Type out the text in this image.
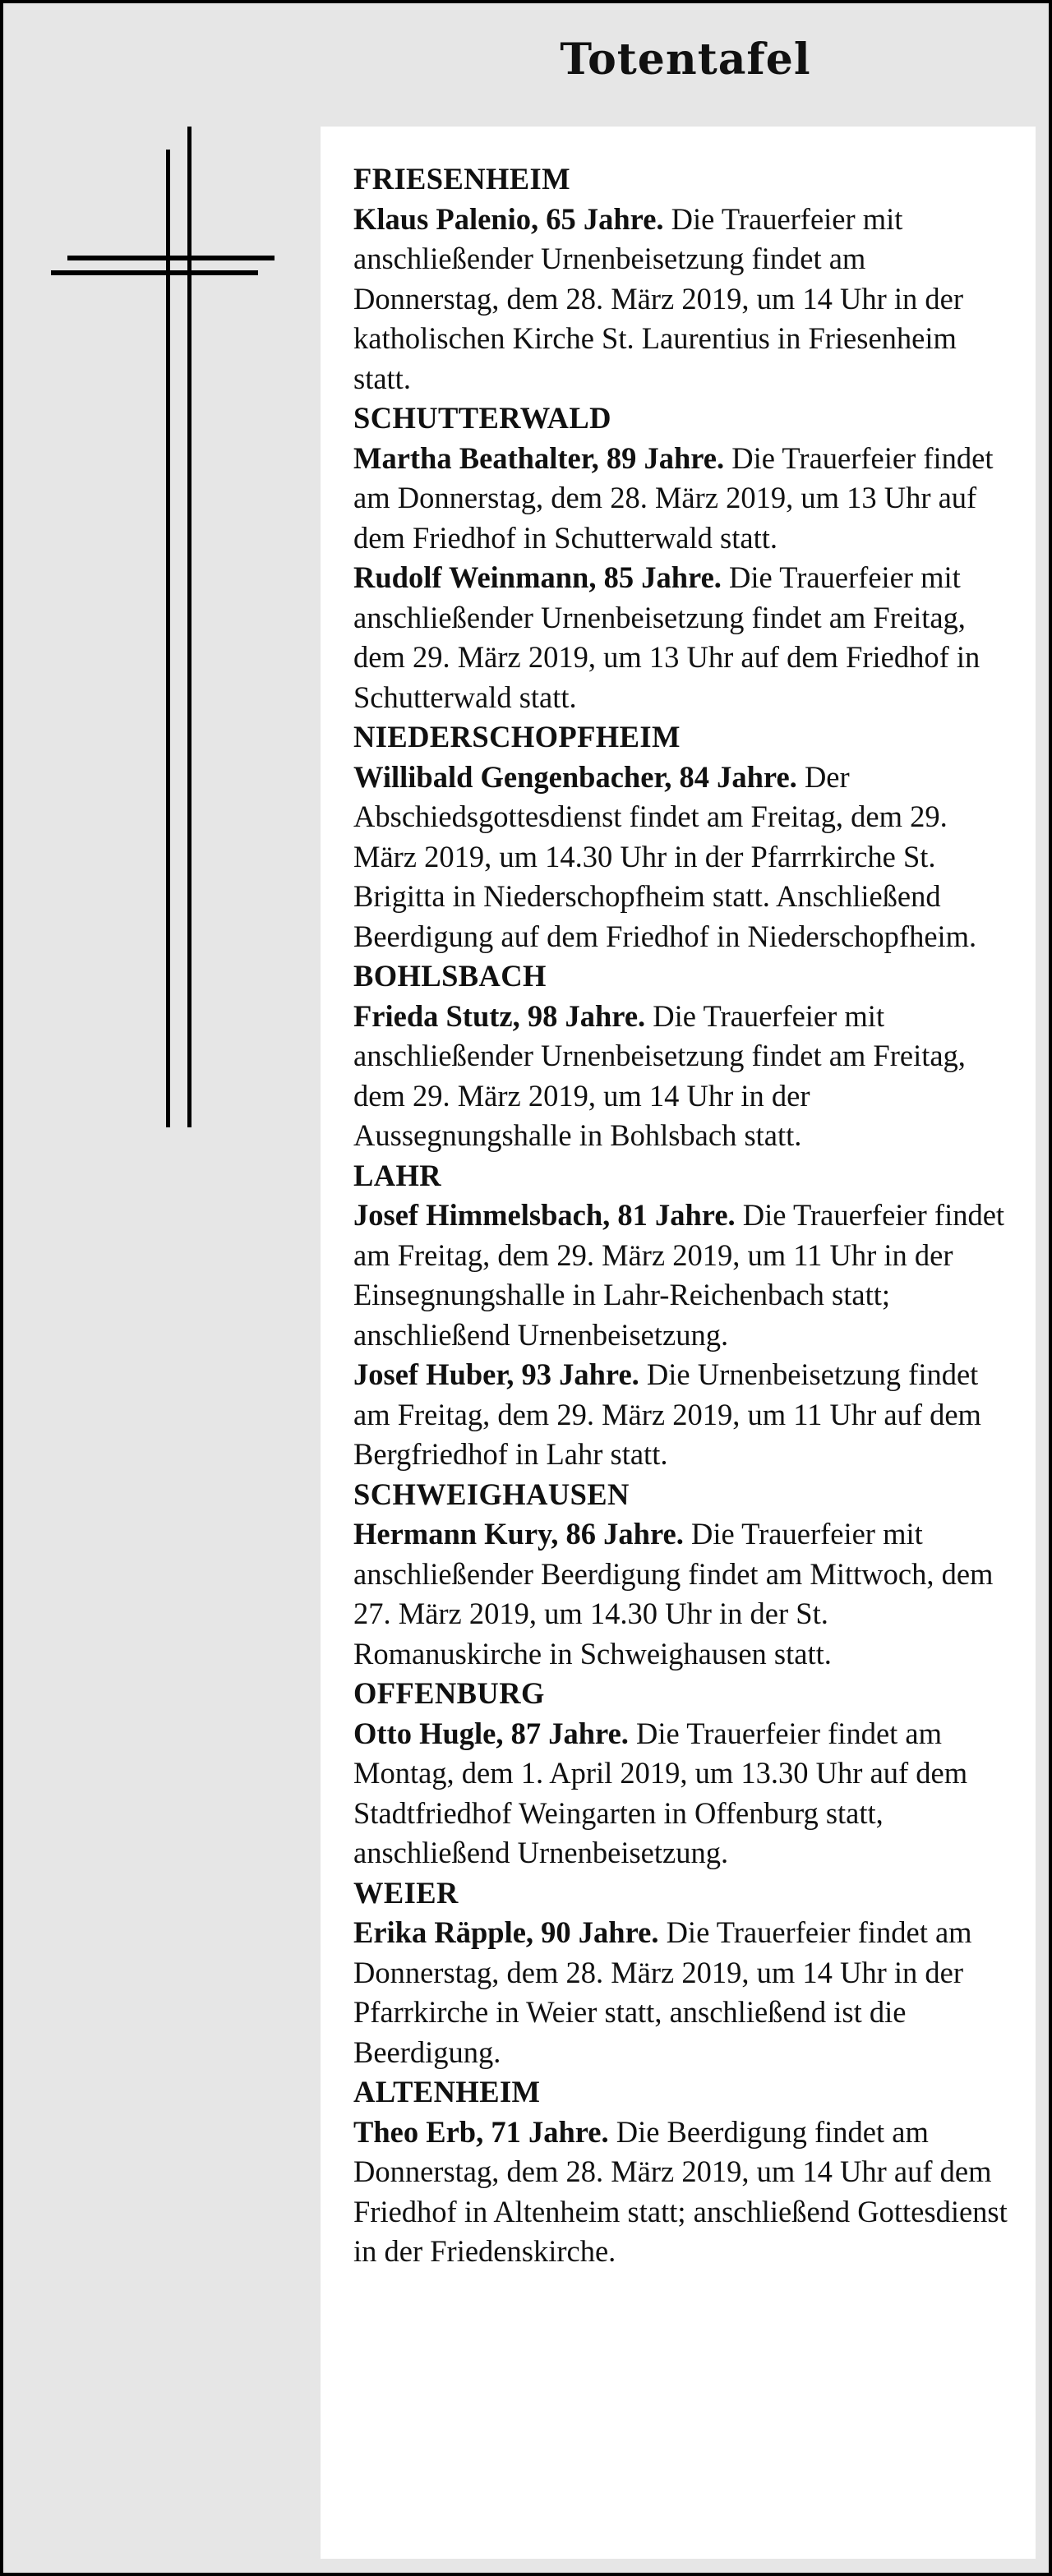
Totentafel
FRIESENHEIM

Klaus Palenio, 65 Jahre. Die Trauerfeier mit anschließender Urnenbeisetzung findet am Donnerstag, dem 28. März 2019, um 14 Uhr in der katholischen Kirche St. Laurentius in Friesenheim statt.

SCHUTTERWALD

Martha Beathalter, 89 Jahre. Die Trauerfeier findet am Donnerstag, dem 28. März 2019, um 13 Uhr auf dem Friedhof in Schutterwald statt.

Rudolf Weinmann, 85 Jahre. Die Trauerfeier mit anschließender Urnenbeisetzung findet am Freitag, dem 29. März 2019, um 13 Uhr auf dem Friedhof in Schutterwald statt.

NIEDERSCHOPFHEIM

Willibald Gengenbacher, 84 Jahre. Der Abschiedsgottesdienst findet am Freitag, dem 29. März 2019, um 14.30 Uhr in der Pfarrrkirche St. Brigitta in Niederschopfheim statt. Anschließend Beerdigung auf dem Friedhof in Niederschopfheim.

BOHLSBACH

Frieda Stutz, 98 Jahre. Die Trauerfeier mit anschließender Urnenbeisetzung findet am Freitag, dem 29. März 2019, um 14 Uhr in der Aussegnungshalle in Bohlsbach statt.

LAHR

Josef Himmelsbach, 81 Jahre. Die Trauerfeier findet am Freitag, dem 29. März 2019, um 11 Uhr in der Einsegnungshalle in Lahr-Reichenbach statt; anschließend Urnenbeisetzung.

Josef Huber, 93 Jahre. Die Urnenbeisetzung findet am Freitag, dem 29. März 2019, um 11 Uhr auf dem Bergfriedhof in Lahr statt.

SCHWEIGHAUSEN

Hermann Kury, 86 Jahre. Die Trauerfeier mit anschließender Beerdigung findet am Mittwoch, dem 27. März 2019, um 14.30 Uhr in der St. Romanuskirche in Schweighausen statt.

OFFENBURG

Otto Hugle, 87 Jahre. Die Trauerfeier findet am Montag, dem 1. April 2019, um 13.30 Uhr auf dem Stadtfriedhof Weingarten in Offenburg statt, anschließend Urnenbeisetzung.

WEIER

Erika Räpple, 90 Jahre. Die Trauerfeier findet am Donnerstag, dem 28. März 2019, um 14 Uhr in der Pfarrkirche in Weier statt, anschließend ist die Beerdigung.

ALTENHEIM

Theo Erb, 71 Jahre. Die Beerdigung findet am Donnerstag, dem 28. März 2019, um 14 Uhr auf dem Friedhof in Altenheim statt; anschließend Gottesdienst in der Friedenskirche.
